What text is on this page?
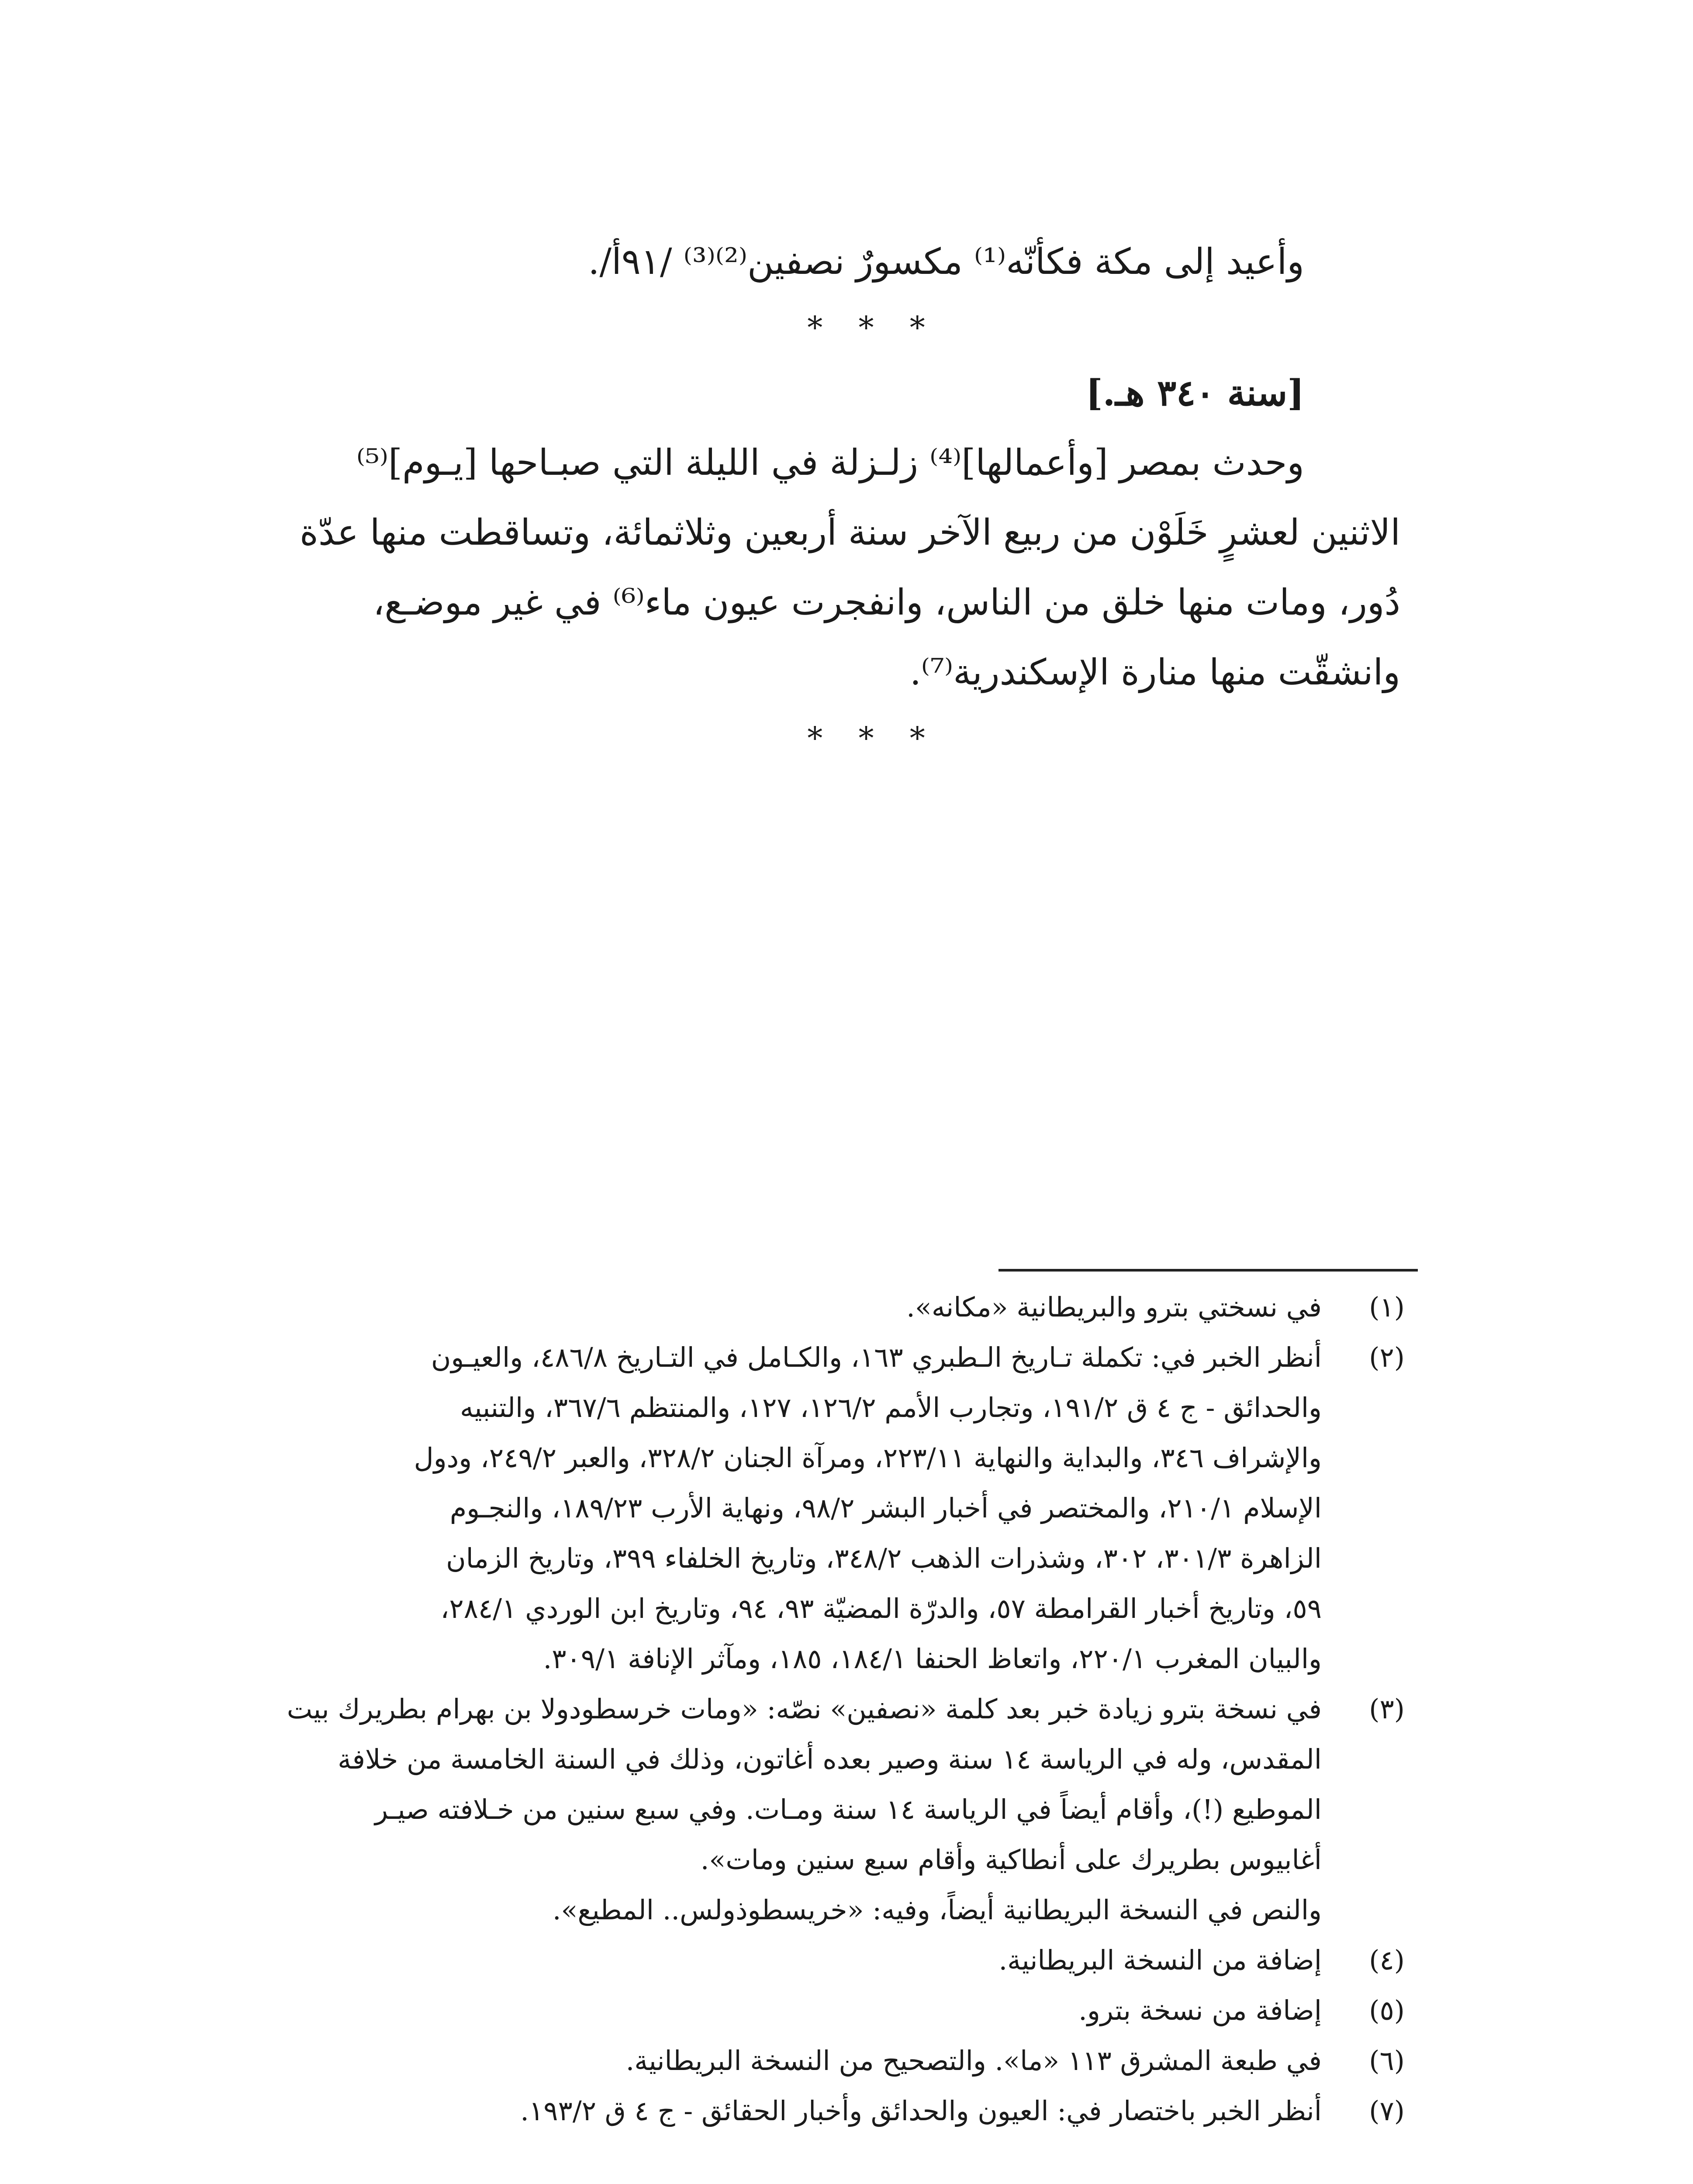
وأعيد إلى مكة فكأنّه⁽¹⁾ مكسورٌ نصفين⁽²⁾⁽³⁾ /٩١أ/.
* * *
[سنة ٣٤٠ هـ.]
وحدث بمصر [وأعمالها]⁽⁴⁾ زلـزلة في الليلة التي صبـاحها [يـوم]⁽⁵⁾
الاثنين لعشرٍ خَلَوْن من ربيع الآخر سنة أربعين وثلاثمائة، وتساقطت منها عدّة
دُور، ومات منها خلق من الناس، وانفجرت عيون ماء⁽⁶⁾ في غير موضـع،
وانشقّت منها منارة الإسكندرية⁽⁷⁾.
* * *
(١)
في نسختي بترو والبريطانية «مكانه».
(٢)
أنظر الخبر في: تكملة تـاريخ الـطبري ١٦٣، والكـامل في التـاريخ ٤٨٦/٨، والعيـون
والحدائق - ج ٤ ق ١٩١/٢، وتجارب الأمم ١٢٦/٢، ١٢٧، والمنتظم ٣٦٧/٦، والتنبيه
والإشراف ٣٤٦، والبداية والنهاية ٢٢٣/١١، ومرآة الجنان ٣٢٨/٢، والعبر ٢٤٩/٢، ودول
الإسلام ٢١٠/١، والمختصر في أخبار البشر ٩٨/٢، ونهاية الأرب ١٨٩/٢٣، والنجـوم
الزاهرة ٣٠١/٣، ٣٠٢، وشذرات الذهب ٣٤٨/٢، وتاريخ الخلفاء ٣٩٩، وتاريخ الزمان
٥٩، وتاريخ أخبار القرامطة ٥٧، والدرّة المضيّة ٩٣، ٩٤، وتاريخ ابن الوردي ٢٨٤/١،
والبيان المغرب ٢٢٠/١، واتعاظ الحنفا ١٨٤/١، ١٨٥، ومآثر الإنافة ٣٠٩/١.
(٣)
في نسخة بترو زيادة خبر بعد كلمة «نصفين» نصّه: «ومات خرسطودولا بن بهرام بطريرك بيت
المقدس، وله في الرياسة ١٤ سنة وصير بعده أغاتون، وذلك في السنة الخامسة من خلافة
الموطيع (!)، وأقام أيضاً في الرياسة ١٤ سنة ومـات. وفي سبع سنين من خـلافته صيـر
أغابيوس بطريرك على أنطاكية وأقام سبع سنين ومات».
والنص في النسخة البريطانية أيضاً، وفيه: «خريسطوذولس.. المطيع».
(٤)
إضافة من النسخة البريطانية.
(٥)
إضافة من نسخة بترو.
(٦)
في طبعة المشرق ١١٣ «ما». والتصحيح من النسخة البريطانية.
(٧)
أنظر الخبر باختصار في: العيون والحدائق وأخبار الحقائق - ج ٤ ق ١٩٣/٢.
